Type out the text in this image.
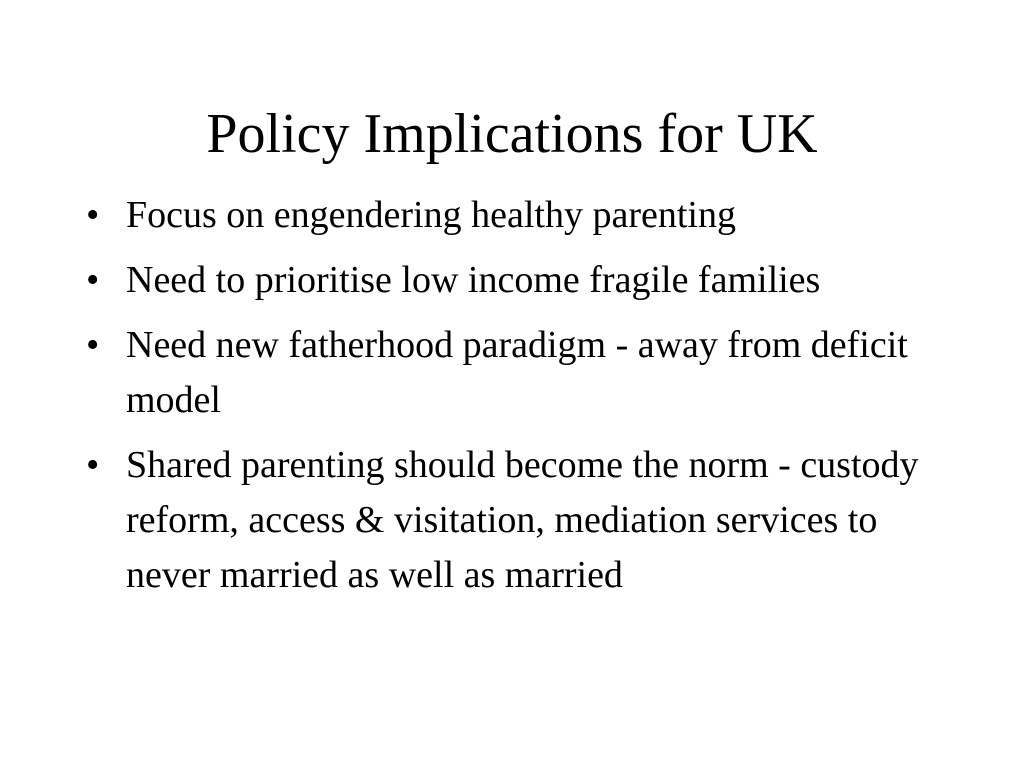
Policy Implications for UK
• Focus on engendering healthy parenting
• Need to prioritise low income fragile families
• Need new fatherhood paradigm - away from deficit model
• Shared parenting should become the norm - custody reform, access & visitation, mediation services to never married as well as married
